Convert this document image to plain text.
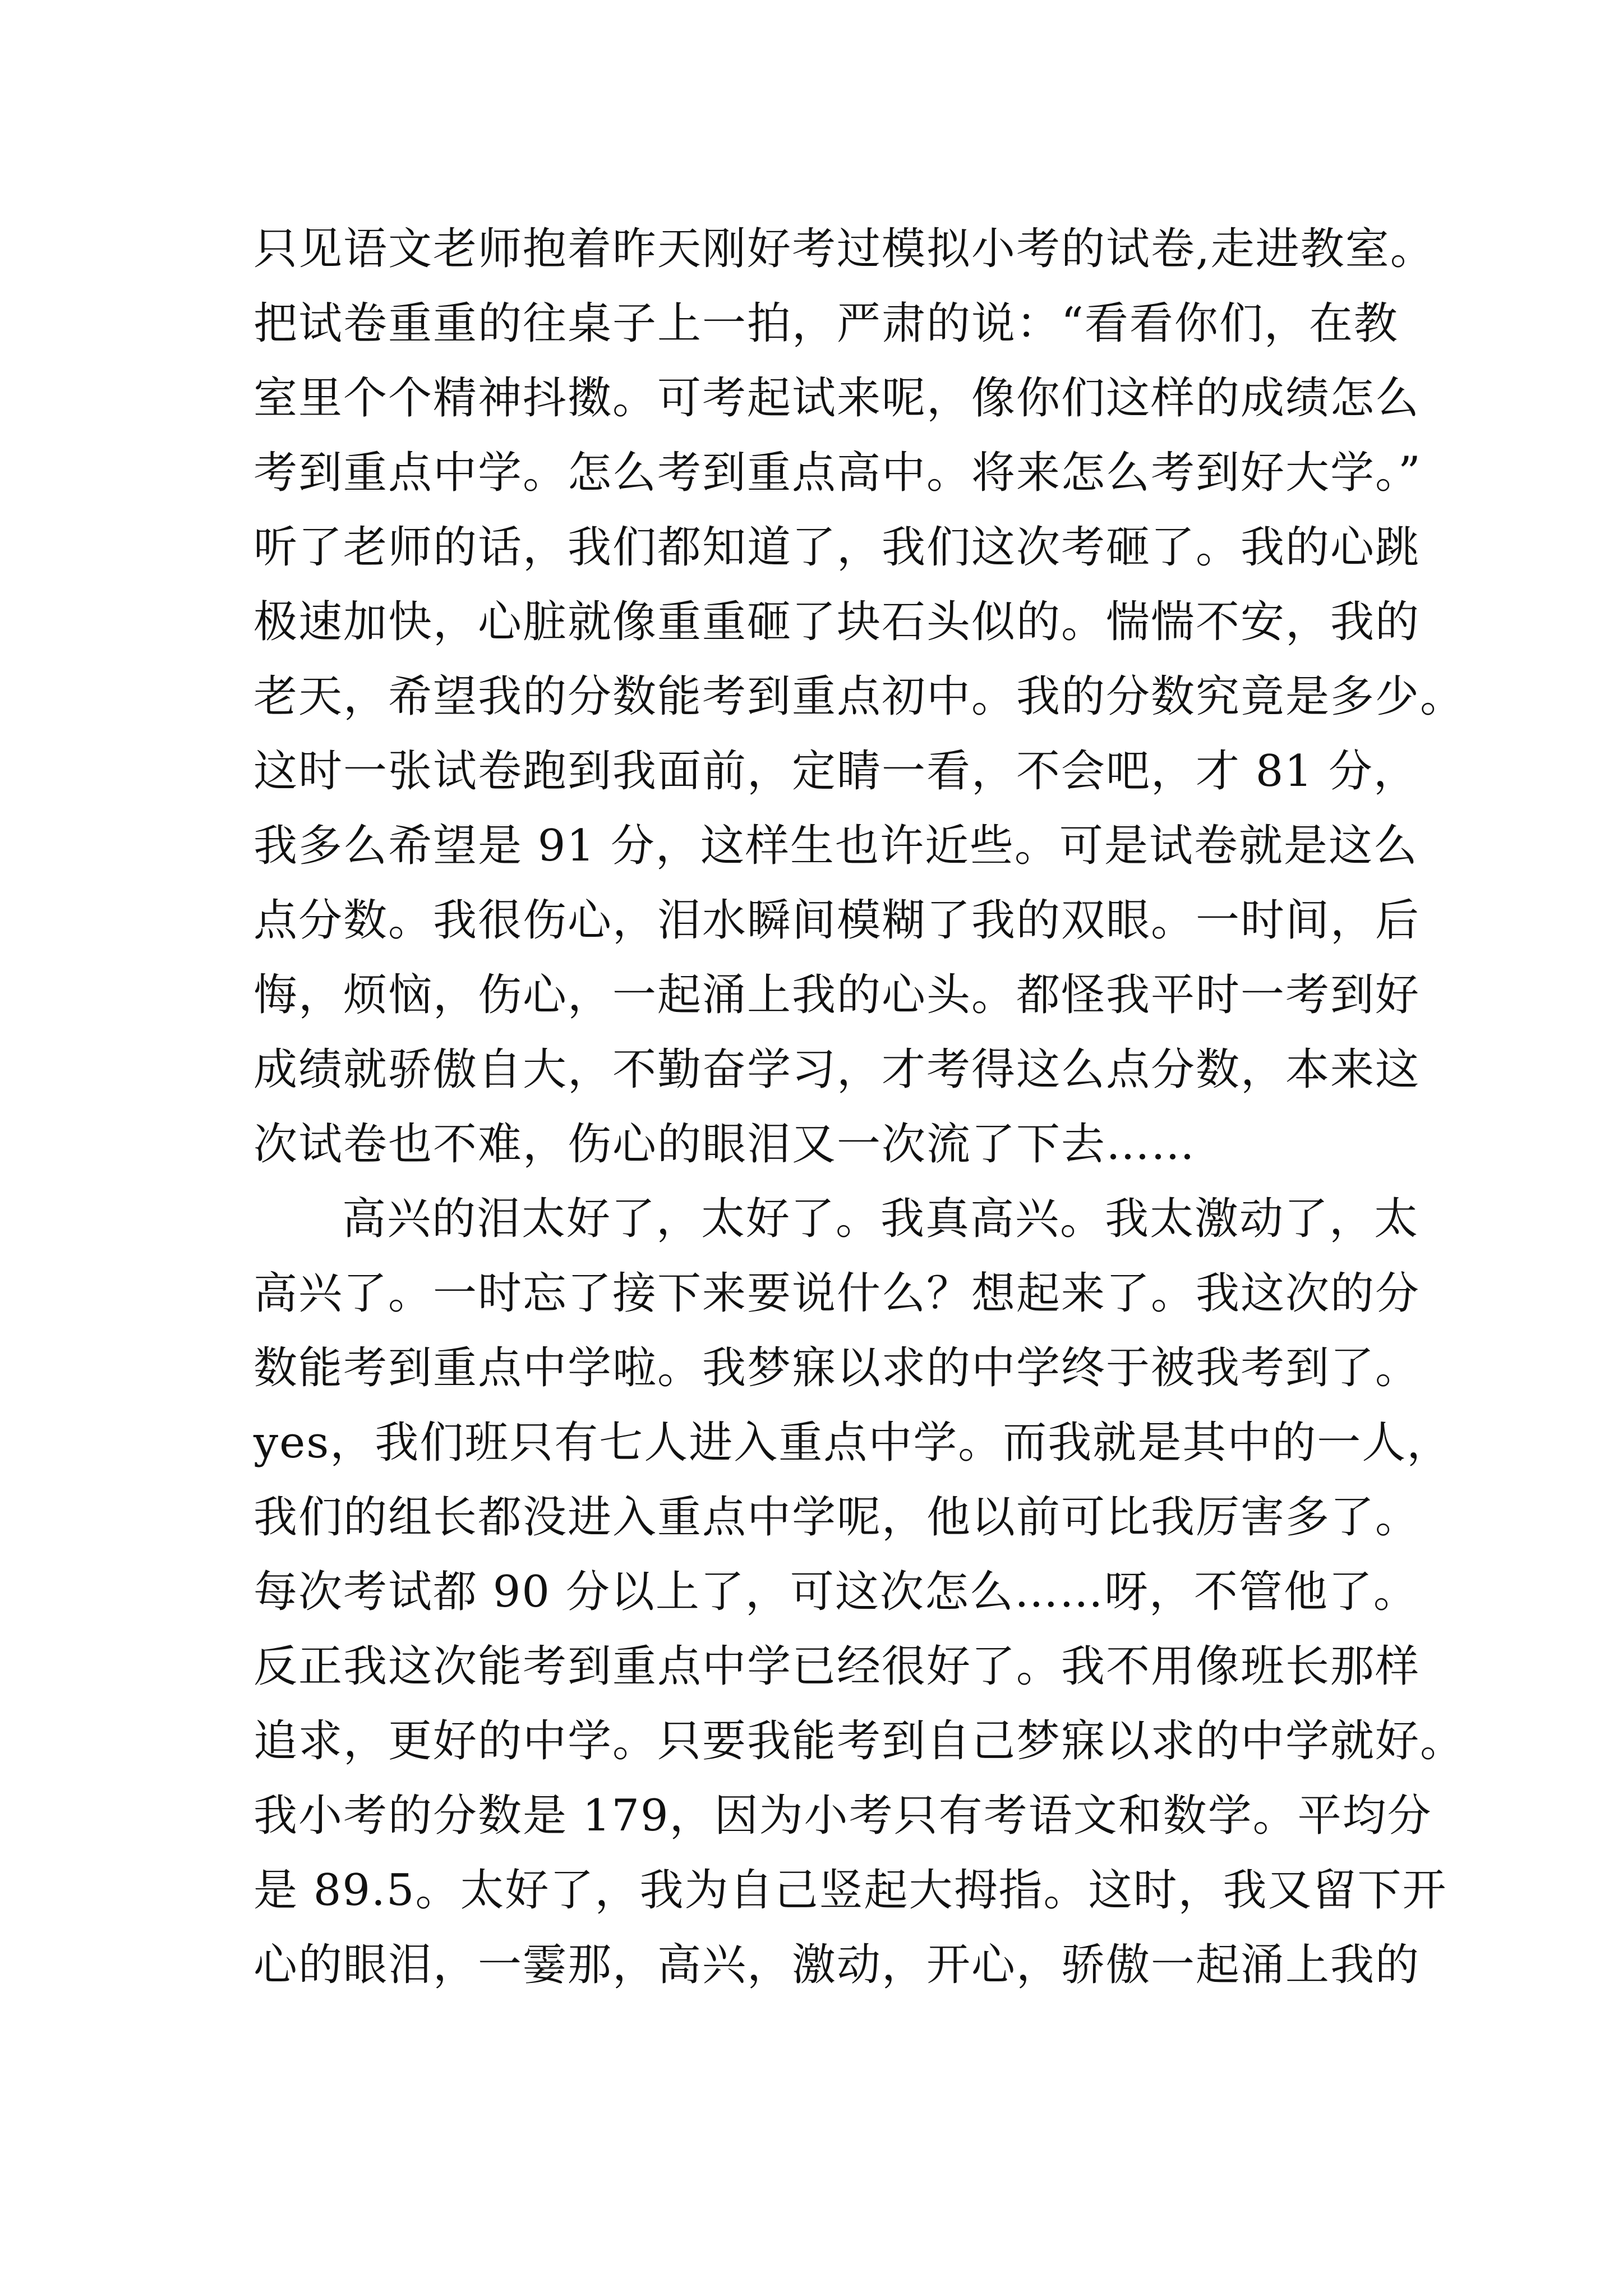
只见语文老师抱着昨天刚好考过模拟小考的试卷,走进教室。
把试卷重重的往桌子上一拍，严肃的说：“看看你们，在教
室里个个精神抖擞。可考起试来呢，像你们这样的成绩怎么
考到重点中学。怎么考到重点高中。将来怎么考到好大学。”
听了老师的话，我们都知道了，我们这次考砸了。我的心跳
极速加快，心脏就像重重砸了块石头似的。惴惴不安，我的
老天，希望我的分数能考到重点初中。我的分数究竟是多少。
这时一张试卷跑到我面前，定睛一看，不会吧，才 81 分，
我多么希望是 91 分，这样生也许近些。可是试卷就是这么
点分数。我很伤心，泪水瞬间模糊了我的双眼。一时间，后
悔，烦恼，伤心，一起涌上我的心头。都怪我平时一考到好
成绩就骄傲自大，不勤奋学习，才考得这么点分数，本来这
次试卷也不难，伤心的眼泪又一次流了下去……
高兴的泪太好了，太好了。我真高兴。我太激动了，太
高兴了。一时忘了接下来要说什么？想起来了。我这次的分
数能考到重点中学啦。我梦寐以求的中学终于被我考到了。
yes，我们班只有七人进入重点中学。而我就是其中的一人，
我们的组长都没进入重点中学呢，他以前可比我厉害多了。
每次考试都 90 分以上了，可这次怎么……呀，不管他了。
反正我这次能考到重点中学已经很好了。我不用像班长那样
追求，更好的中学。只要我能考到自己梦寐以求的中学就好。
我小考的分数是 179，因为小考只有考语文和数学。平均分
是 89.5。太好了，我为自己竖起大拇指。这时，我又留下开
心的眼泪，一霎那，高兴，激动，开心，骄傲一起涌上我的
